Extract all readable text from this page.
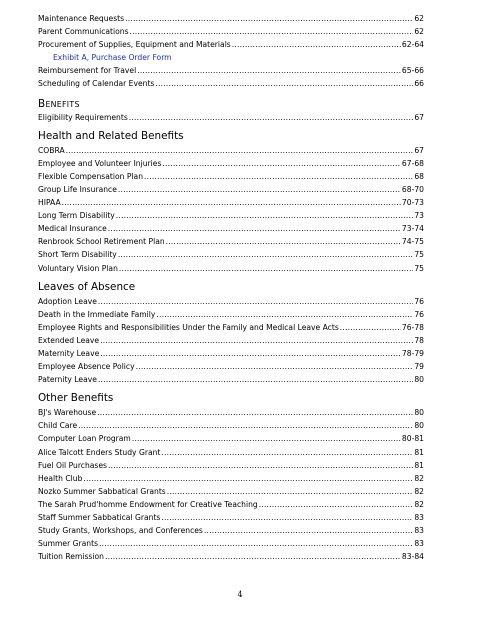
Maintenance Requests .....	62
Parent Communications .....	62
Procurement of Supplies, Equipment and Materials .....	62-64
Exhibit A, Purchase Order Form
Reimbursement for Travel .....	65-66
Scheduling of Calendar Events .....	66
BENEFITS
Eligibility Requirements .....	67
Health and Related Benefits
COBRA .....	67
Employee and Volunteer Injuries .....	67-68
Flexible Compensation Plan .....	68
Group Life Insurance .....	68-70
HIPAA .....	70-73
Long Term Disability .....	73
Medical Insurance .....	73-74
Renbrook School Retirement Plan .....	74-75
Short Term Disability .....	75
Voluntary Vision Plan .....	75
Leaves of Absence
Adoption Leave .....	76
Death in the Immediate Family .....	76
Employee Rights and Responsibilities Under the Family and Medical Leave Acts .....	76-78
Extended Leave .....	78
Maternity Leave .....	78-79
Employee Absence Policy .....	79
Paternity Leave .....	80
Other Benefits
BJ's Warehouse .....	80
Child Care .....	80
Computer Loan Program .....	80-81
Alice Talcott Enders Study Grant .....	81
Fuel Oil Purchases .....	81
Health Club .....	82
Nozko Summer Sabbatical Grants .....	82
The Sarah Prud'homme Endowment for Creative Teaching .....	82
Staff Summer Sabbatical Grants .....	83
Study Grants, Workshops, and Conferences .....	83
Summer Grants .....	83
Tuition Remission .....	83-84
4
